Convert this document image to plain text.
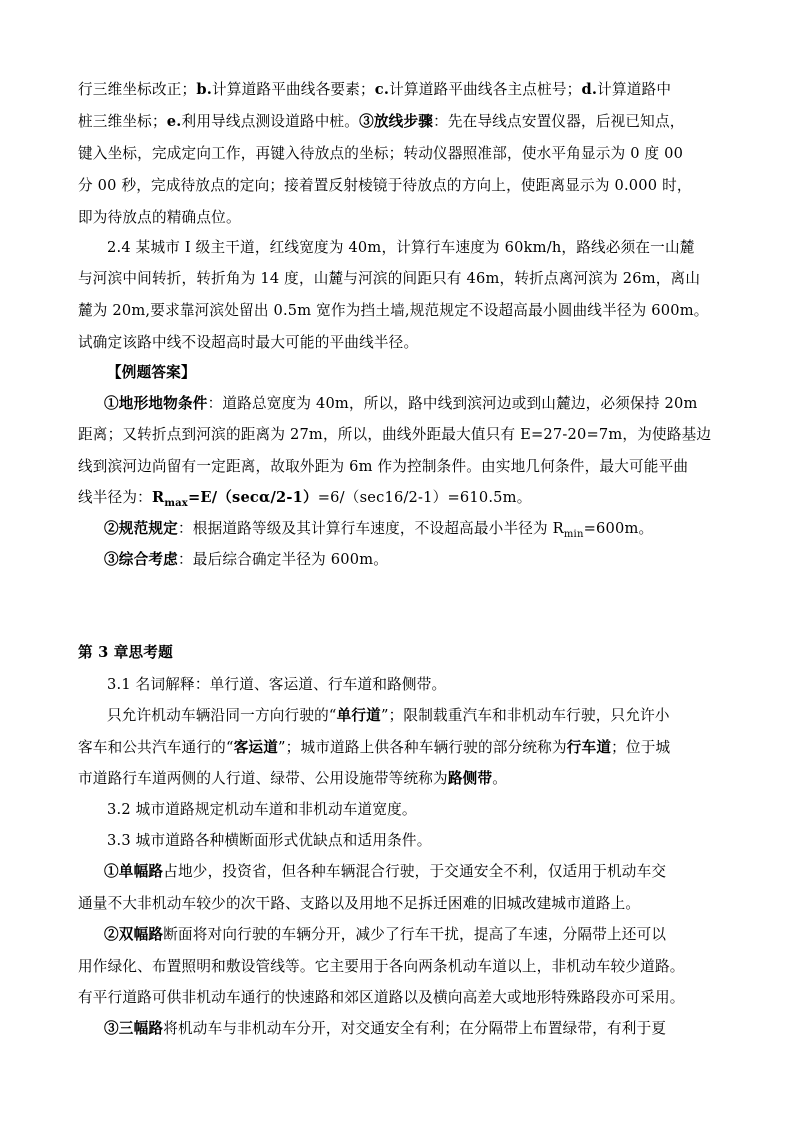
行三维坐标改正；b.计算道路平曲线各要素；c.计算道路平曲线各主点桩号；d.计算道路中
桩三维坐标；e.利用导线点测设道路中桩。③放线步骤：先在导线点安置仪器，后视已知点，
键入坐标，完成定向工作，再键入待放点的坐标；转动仪器照准部，使水平角显示为 0 度 00
分 00 秒，完成待放点的定向；接着置反射棱镜于待放点的方向上，使距离显示为 0.000 时，
即为待放点的精确点位。
2.4 某城市 I 级主干道，红线宽度为 40m，计算行车速度为 60km/h，路线必须在一山麓
与河滨中间转折，转折角为 14 度，山麓与河滨的间距只有 46m，转折点离河滨为 26m，离山
麓为 20m,要求靠河滨处留出 0.5m 宽作为挡土墙,规范规定不设超高最小圆曲线半径为 600m。
试确定该路中线不设超高时最大可能的平曲线半径。
【例题答案】
①地形地物条件：道路总宽度为 40m，所以，路中线到滨河边或到山麓边，必须保持 20m
距离；又转折点到河滨的距离为 27m，所以，曲线外距最大值只有 E=27-20=7m，为使路基边
线到滨河边尚留有一定距离，故取外距为 6m 作为控制条件。由实地几何条件，最大可能平曲
线半径为：$R_{max}=E/(\sec\alpha/2-1)=6/(\sec 16/2-1)=610.5m$。
②规范规定：根据道路等级及其计算行车速度，不设超高最小半径为 $R_{min}=600m$。
③综合考虑：最后综合确定半径为 600m。
第 3 章思考题
3.1 名词解释：单行道、客运道、行车道和路侧带。
只允许机动车辆沿同一方向行驶的“单行道”；限制载重汽车和非机动车行驶，只允许小
客车和公共汽车通行的“客运道”；城市道路上供各种车辆行驶的部分统称为行车道；位于城
市道路行车道两侧的人行道、绿带、公用设施带等统称为路侧带。
3.2 城市道路规定机动车道和非机动车道宽度。
3.3 城市道路各种横断面形式优缺点和适用条件。
①单幅路占地少，投资省，但各种车辆混合行驶，于交通安全不利，仅适用于机动车交
通量不大非机动车较少的次干路、支路以及用地不足拆迁困难的旧城改建城市道路上。
②双幅路断面将对向行驶的车辆分开，减少了行车干扰，提高了车速，分隔带上还可以
用作绿化、布置照明和敷设管线等。它主要用于各向两条机动车道以上，非机动车较少道路。
有平行道路可供非机动车通行的快速路和郊区道路以及横向高差大或地形特殊路段亦可采用。
③三幅路将机动车与非机动车分开，对交通安全有利；在分隔带上布置绿带，有利于夏
